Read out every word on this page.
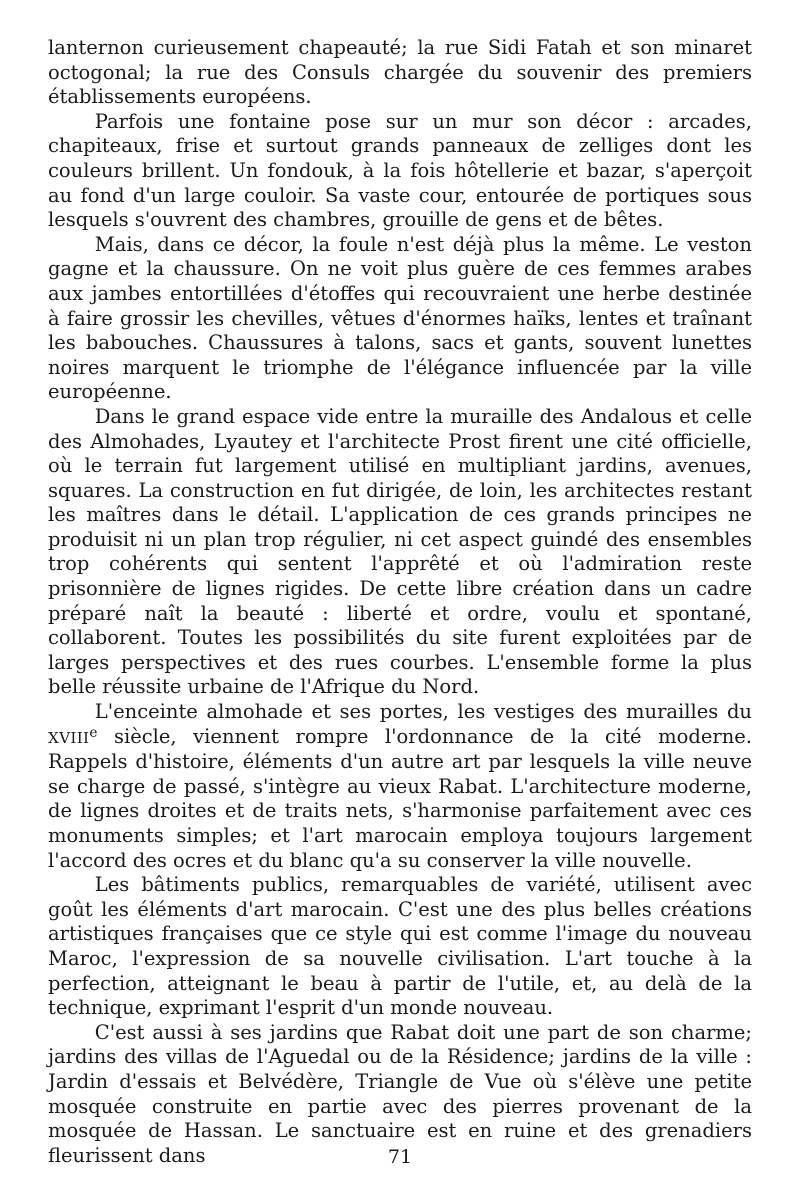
lanternon curieusement chapeauté; la rue Sidi Fatah et son minaret octogonal; la rue des Consuls chargée du souvenir des premiers établissements européens.

Parfois une fontaine pose sur un mur son décor : arcades, chapiteaux, frise et surtout grands panneaux de zelliges dont les couleurs brillent. Un fondouk, à la fois hôtellerie et bazar, s'aperçoit au fond d'un large couloir. Sa vaste cour, entourée de portiques sous lesquels s'ouvrent des chambres, grouille de gens et de bêtes.

Mais, dans ce décor, la foule n'est déjà plus la même. Le veston gagne et la chaussure. On ne voit plus guère de ces femmes arabes aux jambes entortillées d'étoffes qui recouvraient une herbe destinée à faire grossir les chevilles, vêtues d'énormes haïks, lentes et traînant les babouches. Chaussures à talons, sacs et gants, souvent lunettes noires marquent le triomphe de l'élégance influencée par la ville européenne.

Dans le grand espace vide entre la muraille des Andalous et celle des Almohades, Lyautey et l'architecte Prost firent une cité officielle, où le terrain fut largement utilisé en multipliant jardins, avenues, squares. La construction en fut dirigée, de loin, les architectes restant les maîtres dans le détail. L'application de ces grands principes ne produisit ni un plan trop régulier, ni cet aspect guindé des ensembles trop cohérents qui sentent l'apprêté et où l'admiration reste prisonnière de lignes rigides. De cette libre création dans un cadre préparé naît la beauté : liberté et ordre, voulu et spontané, collaborent. Toutes les possibilités du site furent exploitées par de larges perspectives et des rues courbes. L'ensemble forme la plus belle réussite urbaine de l'Afrique du Nord.

L'enceinte almohade et ses portes, les vestiges des murailles du XVIIIe siècle, viennent rompre l'ordonnance de la cité moderne. Rappels d'histoire, éléments d'un autre art par lesquels la ville neuve se charge de passé, s'intègre au vieux Rabat. L'architecture moderne, de lignes droites et de traits nets, s'harmonise parfaitement avec ces monuments simples; et l'art marocain employa toujours largement l'accord des ocres et du blanc qu'a su conserver la ville nouvelle.

Les bâtiments publics, remarquables de variété, utilisent avec goût les éléments d'art marocain. C'est une des plus belles créations artistiques françaises que ce style qui est comme l'image du nouveau Maroc, l'expression de sa nouvelle civilisation. L'art touche à la perfection, atteignant le beau à partir de l'utile, et, au delà de la technique, exprimant l'esprit d'un monde nouveau.

C'est aussi à ses jardins que Rabat doit une part de son charme; jardins des villas de l'Aguedal ou de la Résidence; jardins de la ville : Jardin d'essais et Belvédère, Triangle de Vue où s'élève une petite mosquée construite en partie avec des pierres provenant de la mosquée de Hassan. Le sanctuaire est en ruine et des grenadiers fleurissent dans	71
